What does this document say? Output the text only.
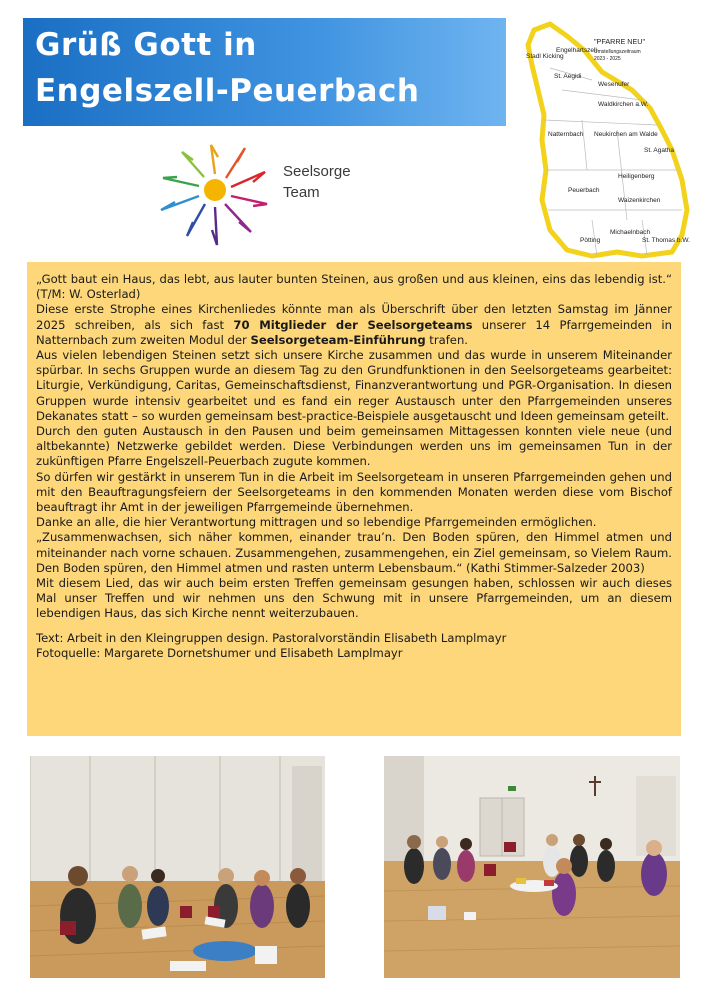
Grüß Gott in
Engelszell-Peuerbach
Seelsorge
Team
"PFARRE NEU"
Umstellungszeitraum
2023 - 2025
Stadl Kicking
Engelhartszell
St. Aegidi
Wesenufer
Waldkirchen a.W.
Natternbach Neukirchen am Walde
St. Agatha
Heiligenberg
Peuerbach
Waizenkirchen
Pötting
Michaelnbach
St. Thomas b.W.

„Gott baut ein Haus, das lebt, aus lauter bunten Steinen, aus großen und aus kleinen, eins das lebendig ist.“ (T/M: W. Osterlad)

Diese erste Strophe eines Kirchenliedes könnte man als Überschrift über den letzten Samstag im Jänner 2025 schreiben, als sich fast 70 Mitglieder der Seelsorgeteams unserer 14 Pfarrgemeinden in Natternbach zum zweiten Modul der Seelsorgeteam-Einführung trafen.

Aus vielen lebendigen Steinen setzt sich unsere Kirche zusammen und das wurde in unserem Miteinander spürbar. In sechs Gruppen wurde an diesem Tag zu den Grundfunktionen in den Seelsorgeteams gearbeitet: Liturgie, Verkündigung, Caritas, Gemeinschaftsdienst, Finanzverantwortung und PGR-Organisation. In diesen Gruppen wurde intensiv gearbeitet und es fand ein reger Austausch unter den Pfarrgemeinden unseres Dekanates statt – so wurden gemeinsam best-practice-Beispiele ausgetauscht und Ideen gemeinsam geteilt.

Durch den guten Austausch in den Pausen und beim gemeinsamen Mittagessen konnten viele neue (und altbekannte) Netzwerke gebildet werden. Diese Verbindungen werden uns im gemeinsamen Tun in der zukünftigen Pfarre Engelszell-Peuerbach zugute kommen.

So dürfen wir gestärkt in unserem Tun in die Arbeit im Seelsorgeteam in unseren Pfarrgemeinden gehen und mit den Beauftragungsfeiern der Seelsorgeteams in den kommenden Monaten werden diese vom Bischof beauftragt ihr Amt in der jeweiligen Pfarrgemeinde übernehmen.

Danke an alle, die hier Verantwortung mittragen und so lebendige Pfarrgemeinden ermöglichen.

„Zusammenwachsen, sich näher kommen, einander trau’n. Den Boden spüren, den Himmel atmen und miteinander nach vorne schauen. Zusammengehen, zusammengehen, ein Ziel gemeinsam, so Vielem Raum. Den Boden spüren, den Himmel atmen und rasten unterm Lebensbaum.“ (Kathi Stimmer-Salzeder 2003)

Mit diesem Lied, das wir auch beim ersten Treffen gemeinsam gesungen haben, schlossen wir auch dieses Mal unser Treffen und wir nehmen uns den Schwung mit in unsere Pfarrgemeinden, um an diesem lebendigen Haus, das sich Kirche nennt weiterzubauen.

Text: Arbeit in den Kleingruppen design. Pastoralvorständin Elisabeth Lamplmayr

Fotoquelle: Margarete Dornetshumer und Elisabeth Lamplmayr
